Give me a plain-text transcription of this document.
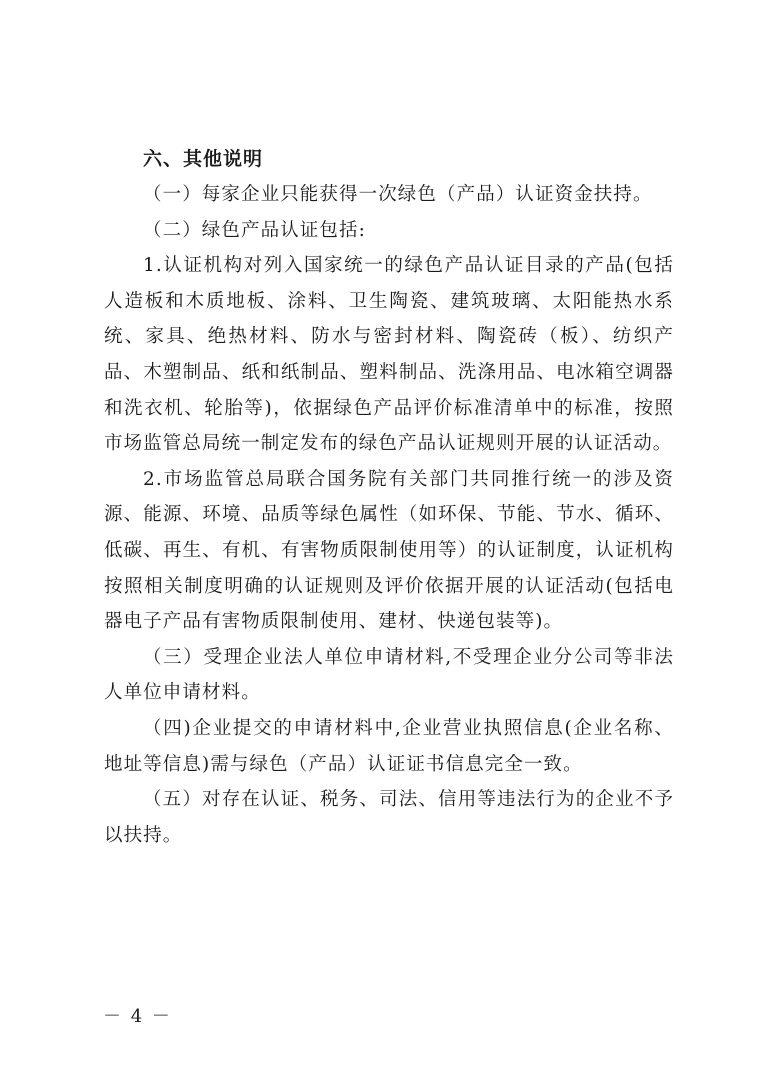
六、其他说明

（一）每家企业只能获得一次绿色（产品）认证资金扶持。

（二）绿色产品认证包括:

1.认证机构对列入国家统一的绿色产品认证目录的产品(包括人造板和木质地板、涂料、卫生陶瓷、建筑玻璃、太阳能热水系统、家具、绝热材料、防水与密封材料、陶瓷砖（板）、纺织产品、木塑制品、纸和纸制品、塑料制品、洗涤用品、电冰箱空调器和洗衣机、轮胎等)，依据绿色产品评价标准清单中的标准，按照市场监管总局统一制定发布的绿色产品认证规则开展的认证活动。

2.市场监管总局联合国务院有关部门共同推行统一的涉及资源、能源、环境、品质等绿色属性（如环保、节能、节水、循环、低碳、再生、有机、有害物质限制使用等）的认证制度，认证机构按照相关制度明确的认证规则及评价依据开展的认证活动(包括电器电子产品有害物质限制使用、建材、快递包装等)。

（三）受理企业法人单位申请材料,不受理企业分公司等非法人单位申请材料。

（四)企业提交的申请材料中,企业营业执照信息(企业名称、地址等信息)需与绿色（产品）认证证书信息完全一致。

（五）对存在认证、税务、司法、信用等违法行为的企业不予以扶持。

－ 4 －
